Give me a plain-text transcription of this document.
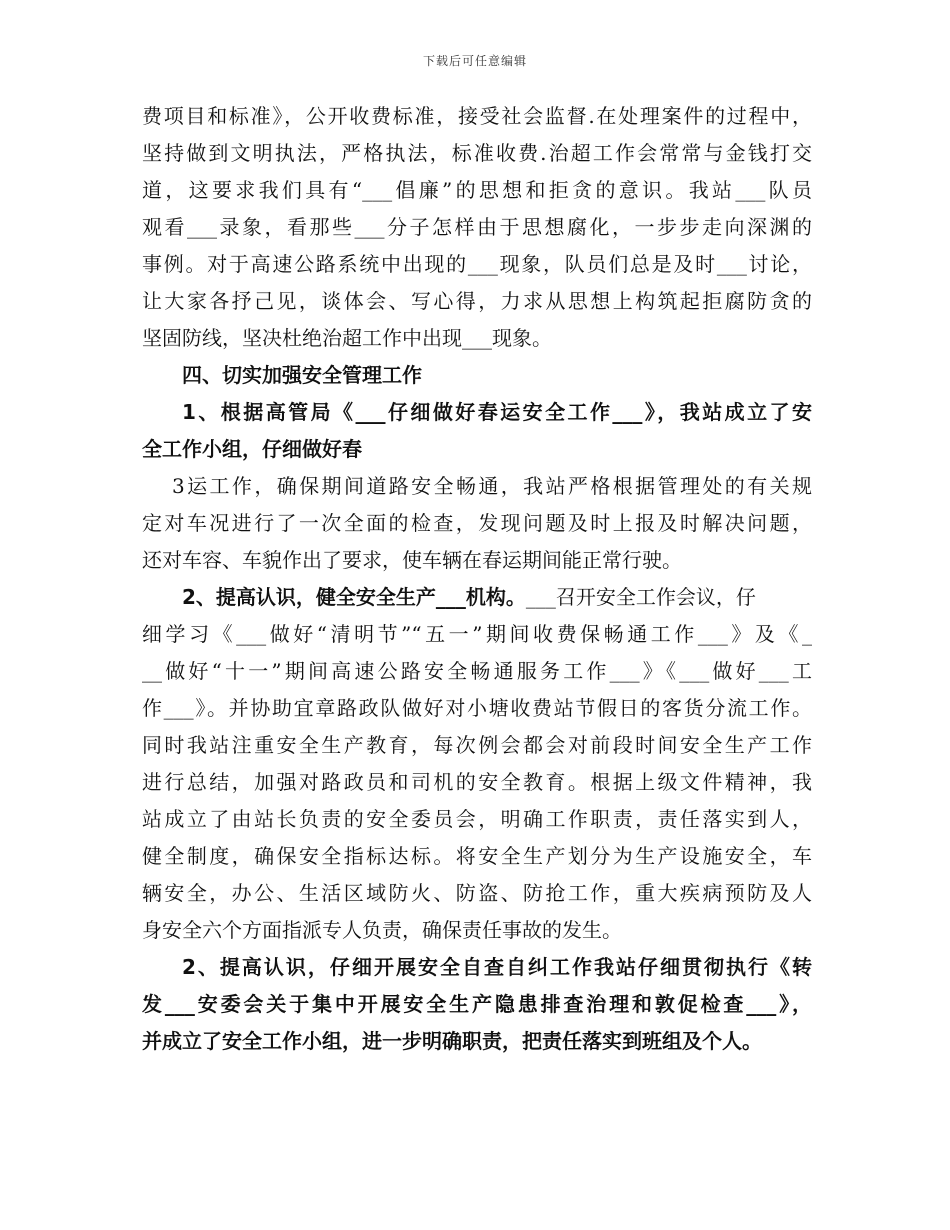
下载后可任意编辑
费项目和标准》，公开收费标准，接受社会监督.在处理案件的过程中，
坚持做到文明执法，严格执法，标准收费.治超工作会常常与金钱打交
道，这要求我们具有“___倡廉”的思想和拒贪的意识。我站___队员
观看___录象，看那些___分子怎样由于思想腐化，一步步走向深渊的
事例。对于高速公路系统中出现的___现象，队员们总是及时___讨论，
让大家各抒己见，谈体会、写心得，力求从思想上构筑起拒腐防贪的
坚固防线，坚决杜绝治超工作中出现___现象。
四、切实加强安全管理工作
1、根据高管局《___仔细做好春运安全工作___》，我站成立了安
全工作小组，仔细做好春
3运工作，确保期间道路安全畅通，我站严格根据管理处的有关规
定对车况进行了一次全面的检查，发现问题及时上报及时解决问题，
还对车容、车貌作出了要求，使车辆在春运期间能正常行驶。
2、提高认识，健全安全生产___机构。___召开安全工作会议，仔
细学习《___做好“清明节”“五一”期间收费保畅通工作___》及《_
__做好“十一”期间高速公路安全畅通服务工作___》《___做好___工
作___》。并协助宜章路政队做好对小塘收费站节假日的客货分流工作。
同时我站注重安全生产教育，每次例会都会对前段时间安全生产工作
进行总结，加强对路政员和司机的安全教育。根据上级文件精神，我
站成立了由站长负责的安全委员会，明确工作职责，责任落实到人，
健全制度，确保安全指标达标。将安全生产划分为生产设施安全，车
辆安全，办公、生活区域防火、防盗、防抢工作，重大疾病预防及人
身安全六个方面指派专人负责，确保责任事故的发生。
2、提高认识，仔细开展安全自查自纠工作我站仔细贯彻执行《转
发___安委会关于集中开展安全生产隐患排查治理和敦促检查___》，
并成立了安全工作小组，进一步明确职责，把责任落实到班组及个人。
